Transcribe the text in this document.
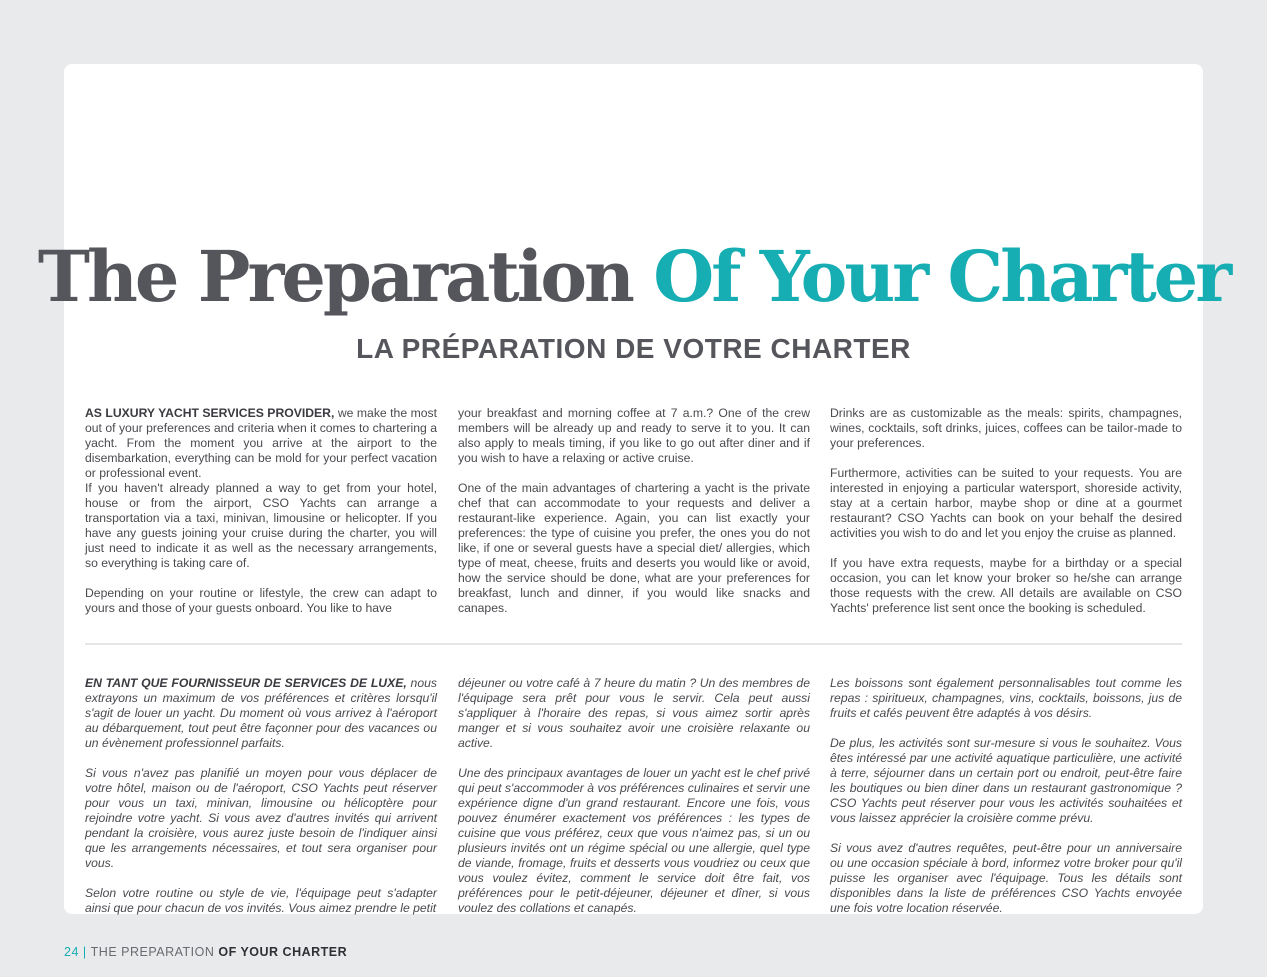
The Preparation Of Your Charter
LA PRÉPARATION DE VOTRE CHARTER

AS LUXURY YACHT SERVICES PROVIDER, we make the most out of your preferences and criteria when it comes to chartering a yacht. From the moment you arrive at the airport to the disembarkation, everything can be mold for your perfect vacation or professional event.

If you haven't already planned a way to get from your hotel, house or from the airport, CSO Yachts can arrange a transportation via a taxi, minivan, limousine or helicopter. If you have any guests joining your cruise during the charter, you will just need to indicate it as well as the necessary arrangements, so everything is taking care of.

Depending on your routine or lifestyle, the crew can adapt to yours and those of your guests onboard. You like to have

your breakfast and morning coffee at 7 a.m.? One of the crew members will be already up and ready to serve it to you. It can also apply to meals timing, if you like to go out after diner and if you wish to have a relaxing or active cruise.

One of the main advantages of chartering a yacht is the private chef that can accommodate to your requests and deliver a restaurant-like experience. Again, you can list exactly your preferences: the type of cuisine you prefer, the ones you do not like, if one or several guests have a special diet/ allergies, which type of meat, cheese, fruits and deserts you would like or avoid, how the service should be done, what are your preferences for breakfast, lunch and dinner, if you would like snacks and canapes.

Drinks are as customizable as the meals: spirits, champagnes, wines, cocktails, soft drinks, juices, coffees can be tailor-made to your preferences.

Furthermore, activities can be suited to your requests. You are interested in enjoying a particular watersport, shoreside activity, stay at a certain harbor, maybe shop or dine at a gourmet restaurant? CSO Yachts can book on your behalf the desired activities you wish to do and let you enjoy the cruise as planned.

If you have extra requests, maybe for a birthday or a special occasion, you can let know your broker so he/she can arrange those requests with the crew. All details are available on CSO Yachts' preference list sent once the booking is scheduled.

EN TANT QUE FOURNISSEUR DE SERVICES DE LUXE, nous extrayons un maximum de vos préférences et critères lorsqu'il s'agit de louer un yacht. Du moment où vous arrivez à l'aéroport au débarquement, tout peut être façonner pour des vacances ou un évènement professionnel parfaits.

Si vous n'avez pas planifié un moyen pour vous déplacer de votre hôtel, maison ou de l'aéroport, CSO Yachts peut réserver pour vous un taxi, minivan, limousine ou hélicoptère pour rejoindre votre yacht. Si vous avez d'autres invités qui arrivent pendant la croisière, vous aurez juste besoin de l'indiquer ainsi que les arrangements nécessaires, et tout sera organiser pour vous.

Selon votre routine ou style de vie, l'équipage peut s'adapter ainsi que pour chacun de vos invités. Vous aimez prendre le petit

déjeuner ou votre café à 7 heure du matin ? Un des membres de l'équipage sera prêt pour vous le servir. Cela peut aussi s'appliquer à l'horaire des repas, si vous aimez sortir après manger et si vous souhaitez avoir une croisière relaxante ou active.

Une des principaux avantages de louer un yacht est le chef privé qui peut s'accommoder à vos préférences culinaires et servir une expérience digne d'un grand restaurant. Encore une fois, vous pouvez énumérer exactement vos préférences : les types de cuisine que vous préférez, ceux que vous n'aimez pas, si un ou plusieurs invités ont un régime spécial ou une allergie, quel type de viande, fromage, fruits et desserts vous voudriez ou ceux que vous voulez évitez, comment le service doit être fait, vos préférences pour le petit-déjeuner, déjeuner et dîner, si vous voulez des collations et canapés.

Les boissons sont également personnalisables tout comme les repas : spiritueux, champagnes, vins, cocktails, boissons, jus de fruits et cafés peuvent être adaptés à vos désirs.

De plus, les activités sont sur-mesure si vous le souhaitez. Vous êtes intéressé par une activité aquatique particulière, une activité à terre, séjourner dans un certain port ou endroit, peut-être faire les boutiques ou bien diner dans un restaurant gastronomique ? CSO Yachts peut réserver pour vous les activités souhaitées et vous laissez apprécier la croisière comme prévu.

Si vous avez d'autres requêtes, peut-être pour un anniversaire ou une occasion spéciale à bord, informez votre broker pour qu'il puisse les organiser avec l'équipage. Tous les détails sont disponibles dans la liste de préférences CSO Yachts envoyée une fois votre location réservée.

24 | THE PREPARATION OF YOUR CHARTER
